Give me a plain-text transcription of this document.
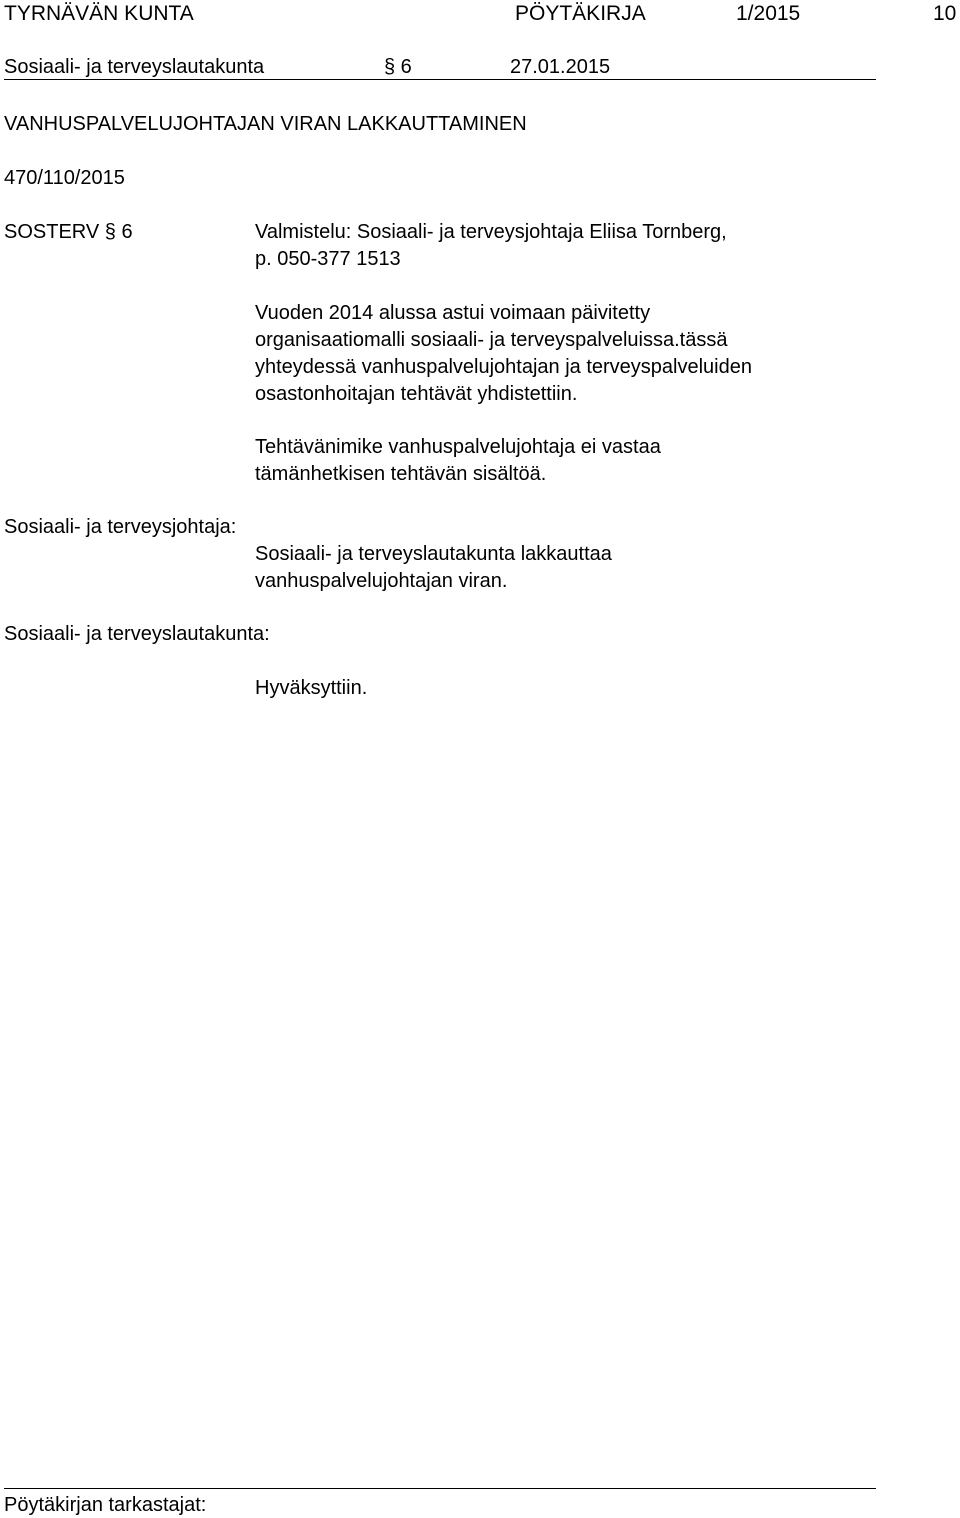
TYRNÄVÄN KUNTA	PÖYTÄKIRJA	1/2015	10
Sosiaali- ja terveyslautakunta	§ 6	27.01.2015
VANHUSPALVELUJOHTAJAN VIRAN LAKKAUTTAMINEN
470/110/2015
SOSTERV § 6	Valmistelu: Sosiaali- ja terveysjohtaja Eliisa Tornberg,
p. 050-377 1513
Vuoden 2014 alussa astui voimaan päivitetty
organisaatiomalli sosiaali- ja terveyspalveluissa.tässä
yhteydessä vanhuspalvelujohtajan ja terveyspalveluiden
osastonhoitajan tehtävät yhdistettiin.
Tehtävänimike vanhuspalvelujohtaja ei vastaa
tämänhetkisen tehtävän sisältöä.
Sosiaali- ja terveysjohtaja:
Sosiaali- ja terveyslautakunta lakkauttaa
vanhuspalvelujohtajan viran.
Sosiaali- ja terveyslautakunta:
Hyväksyttiin.
Pöytäkirjan tarkastajat:
